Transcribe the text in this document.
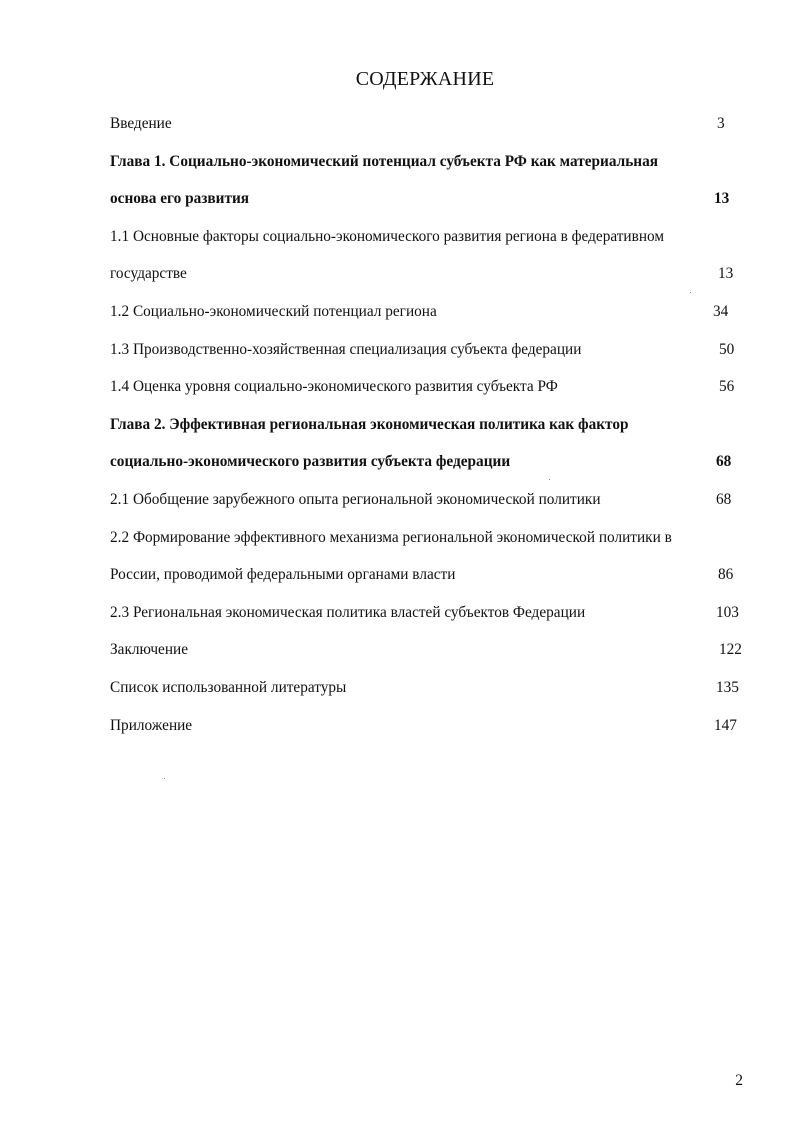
СОДЕРЖАНИЕ
Введение	3
Глава 1. Социально-экономический потенциал субъекта РФ как материальная
основа его развития	13
1.1 Основные факторы социально-экономического развития региона в федеративном
государстве	13
1.2 Социально-экономический потенциал региона	34
1.3 Производственно-хозяйственная специализация субъекта федерации	50
1.4 Оценка уровня социально-экономического развития субъекта РФ	56
Глава 2. Эффективная региональная экономическая политика как фактор
социально-экономического развития субъекта федерации	68
2.1 Обобщение зарубежного опыта региональной экономической политики	68
2.2 Формирование эффективного механизма региональной экономической политики в
России, проводимой федеральными органами власти	86
2.3 Региональная экономическая политика властей субъектов Федерации	103
Заключение	122
Список использованной литературы	135
Приложение	147
2
